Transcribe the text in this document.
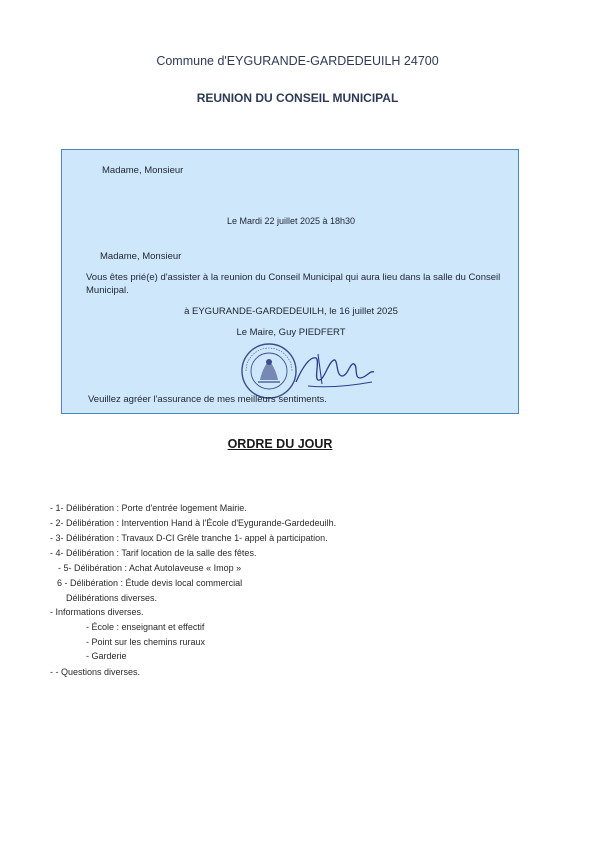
Commune d'EYGURANDE-GARDEDEUILH 24700
REUNION DU CONSEIL MUNICIPAL
Madame, Monsieur
Le Mardi 22 juillet 2025 à 18h30
Madame, Monsieur
Vous êtes prié(e) d'assister à la reunion du Conseil Municipal qui aura lieu dans la salle du Conseil Municipal.
à EYGURANDE-GARDEDEUILH, le 16 juillet 2025
Le Maire, Guy PIEDFERT
Veuillez agréer l'assurance de mes meilleurs sentiments.
ORDRE DU JOUR
- 1- Délibération : Porte d'entrée logement Mairie.
- 2- Délibération : Intervention Hand à l'École d'Eygurande-Gardedeuilh.
- 3- Délibération : Travaux D-CI Grêle tranche 1- appel à participation.
- 4- Délibération : Tarif location de la salle des fêtes.
- 5- Délibération : Achat Autolaveuse « Imop »
6 - Délibération : Étude devis local commercial
Délibérations diverses.
- Informations diverses.
- École : enseignant et effectif
- Point sur les chemins ruraux
- Garderie
- - Questions diverses.
